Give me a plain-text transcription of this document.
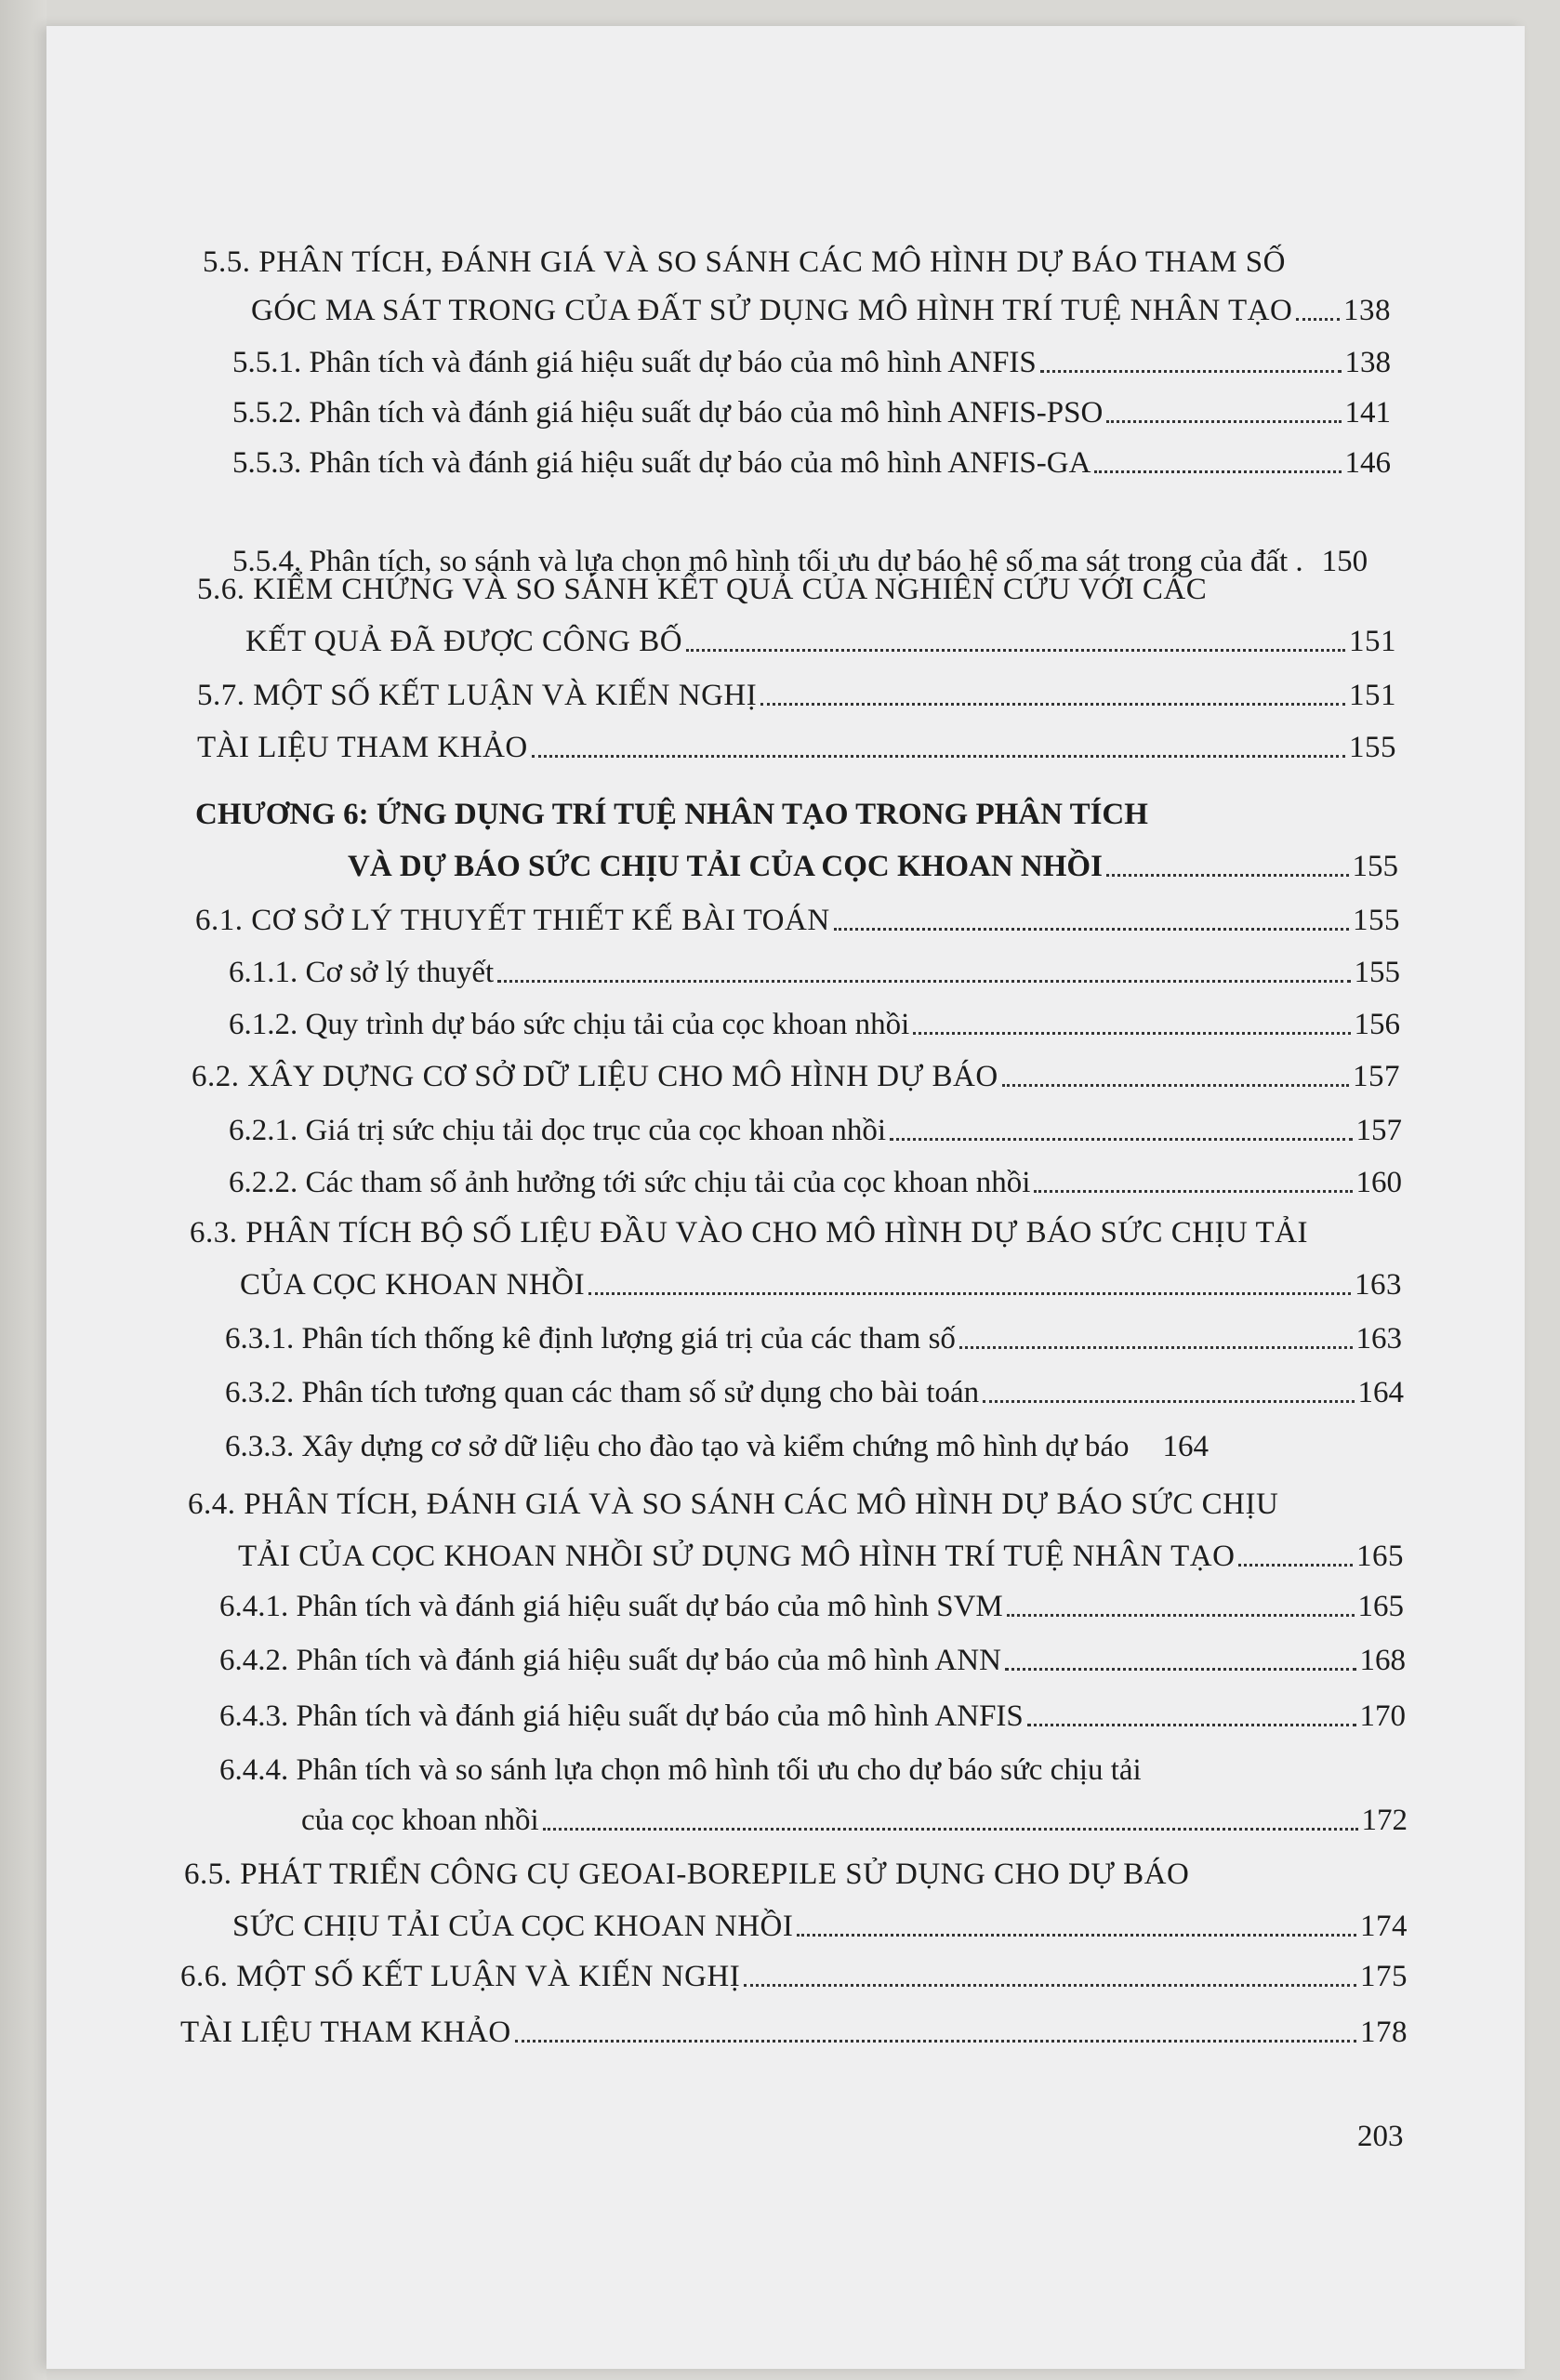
5.5. PHÂN TÍCH, ĐÁNH GIÁ VÀ SO SÁNH CÁC MÔ HÌNH DỰ BÁO THAM SỐ
GÓC MA SÁT TRONG CỦA ĐẤT SỬ DỤNG MÔ HÌNH TRÍ TUỆ NHÂN TẠO 138
5.5.1. Phân tích và đánh giá hiệu suất dự báo của mô hình ANFIS	138
5.5.2. Phân tích và đánh giá hiệu suất dự báo của mô hình ANFIS-PSO	141
5.5.3. Phân tích và đánh giá hiệu suất dự báo của mô hình ANFIS-GA	146
5.5.4. Phân tích, so sánh và lựa chọn mô hình tối ưu dự báo hệ số ma sát trong của đất . 150
5.6. KIỂM CHỨNG VÀ SO SÁNH KẾT QUẢ CỦA NGHIÊN CỨU VỚI CÁC
KẾT QUẢ ĐÃ ĐƯỢC CÔNG BỐ	151
5.7. MỘT SỐ KẾT LUẬN VÀ KIẾN NGHỊ	151
TÀI LIỆU THAM KHẢO	155
CHƯƠNG 6: ỨNG DỤNG TRÍ TUỆ NHÂN TẠO TRONG PHÂN TÍCH
VÀ DỰ BÁO SỨC CHỊU TẢI CỦA CỌC KHOAN NHỒI	155
6.1. CƠ SỞ LÝ THUYẾT THIẾT KẾ BÀI TOÁN	155
6.1.1. Cơ sở lý thuyết	155
6.1.2. Quy trình dự báo sức chịu tải của cọc khoan nhồi	156
6.2. XÂY DỰNG CƠ SỞ DỮ LIỆU CHO MÔ HÌNH DỰ BÁO	157
6.2.1. Giá trị sức chịu tải dọc trục của cọc khoan nhồi	157
6.2.2. Các tham số ảnh hưởng tới sức chịu tải của cọc khoan nhồi	160
6.3. PHÂN TÍCH BỘ SỐ LIỆU ĐẦU VÀO CHO MÔ HÌNH DỰ BÁO SỨC CHỊU TẢI
CỦA CỌC KHOAN NHỒI	163
6.3.1. Phân tích thống kê định lượng giá trị của các tham số	163
6.3.2. Phân tích tương quan các tham số sử dụng cho bài toán	164
6.3.3. Xây dựng cơ sở dữ liệu cho đào tạo và kiểm chứng mô hình dự báo 164
6.4. PHÂN TÍCH, ĐÁNH GIÁ VÀ SO SÁNH CÁC MÔ HÌNH DỰ BÁO SỨC CHỊU
TẢI CỦA CỌC KHOAN NHỒI SỬ DỤNG MÔ HÌNH TRÍ TUỆ NHÂN TẠO	165
6.4.1. Phân tích và đánh giá hiệu suất dự báo của mô hình SVM	165
6.4.2. Phân tích và đánh giá hiệu suất dự báo của mô hình ANN	168
6.4.3. Phân tích và đánh giá hiệu suất dự báo của mô hình ANFIS	170
6.4.4. Phân tích và so sánh lựa chọn mô hình tối ưu cho dự báo sức chịu tải
của cọc khoan nhồi	172
6.5. PHÁT TRIỂN CÔNG CỤ GEOAI-BOREPILE SỬ DỤNG CHO DỰ BÁO
SỨC CHỊU TẢI CỦA CỌC KHOAN NHỒI	174
6.6. MỘT SỐ KẾT LUẬN VÀ KIẾN NGHỊ	175
TÀI LIỆU THAM KHẢO	178
203
